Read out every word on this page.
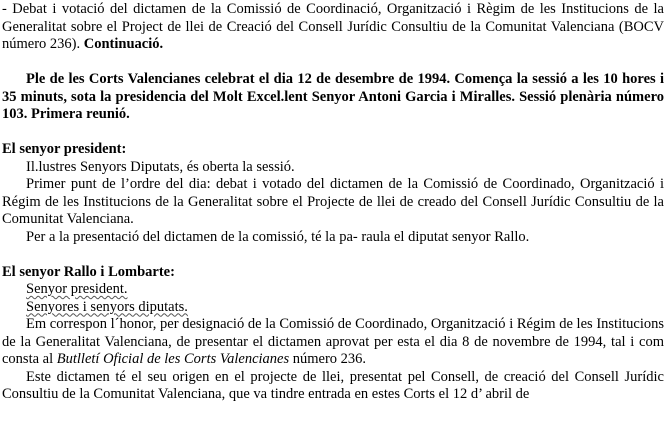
- Debat i votació del dictamen de la Comissió de Coordinació, Organització i Règim de les Institucions de la Generalitat sobre el Project de llei de Creació del Consell Jurídic Consultiu de la Comunitat Valenciana (BOCV número 236). Continuació.

Ple de les Corts Valencianes celebrat el dia 12 de desembre de 1994. Comença la sessió a les 10 hores i 35 minuts, sota la presidencia del Molt Excel.lent Senyor Antoni Garcia i Miralles. Sessió plenària número 103. Primera reunió.

El senyor president:

Il.lustres Senyors Diputats, és oberta la sessió.

Primer punt de l’ordre del dia: debat i votado del dictamen de la Comissió de Coordinado, Organització i Régim de les Institucions de la Generalitat sobre el Projecte de llei de creado del Consell Jurídic Consultiu de la Comunitat Valenciana.

Per a la presentació del dictamen de la comissió, té la pa- raula el diputat senyor Rallo.

El senyor Rallo i Lombarte:

Senyor president.

Senyores i senyors diputats.

Em correspon l´honor, per designació de la Comissió de Coordinado, Organització i Régim de les Institucions de la Generalitat Valenciana, de presentar el dictamen aprovat per esta el dia 8 de novembre de 1994, tal i com consta al Butlletí Oficial de les Corts Valencianes número 236.

Este dictamen té el seu origen en el projecte de llei, presentat pel Consell, de creació del Consell Jurídic Consultiu de la Comunitat Valenciana, que va tindre entrada en estes Corts el 12 d’ abril de
